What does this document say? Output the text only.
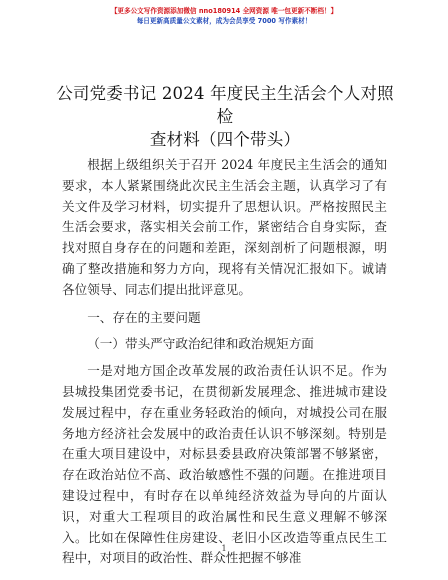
【更多公文写作资源添加微信 nno180914 全网资源 唯一包更新不断档！】
每日更新高质量公文素材，成为会员享受 7000 写作素材！
公司党委书记 2024 年度民主生活会个人对照检
查材料（四个带头）

根据上级组织关于召开 2024 年度民主生活会的通知要求，本人紧紧围绕此次民主生活会主题，认真学习了有关文件及学习材料，切实提升了思想认识。严格按照民主生活会要求，落实相关会前工作，紧密结合自身实际，查找对照自身存在的问题和差距，深刻剖析了问题根源，明确了整改措施和努力方向，现将有关情况汇报如下。诚请各位领导、同志们提出批评意见。

一、存在的主要问题

（一）带头严守政治纪律和政治规矩方面

一是对地方国企改革发展的政治责任认识不足。作为县城投集团党委书记，在贯彻新发展理念、推进城市建设发展过程中，存在重业务轻政治的倾向，对城投公司在服务地方经济社会发展中的政治责任认识不够深刻。特别是在重大项目建设中，对标县委县政府决策部署不够紧密，存在政治站位不高、政治敏感性不强的问题。在推进项目建设过程中，有时存在以单纯经济效益为导向的片面认识，对重大工程项目的政治属性和民生意义理解不够深入。比如在保障性住房建设、老旧小区改造等重点民生工程中，对项目的政治性、群众性把握不够准

1
